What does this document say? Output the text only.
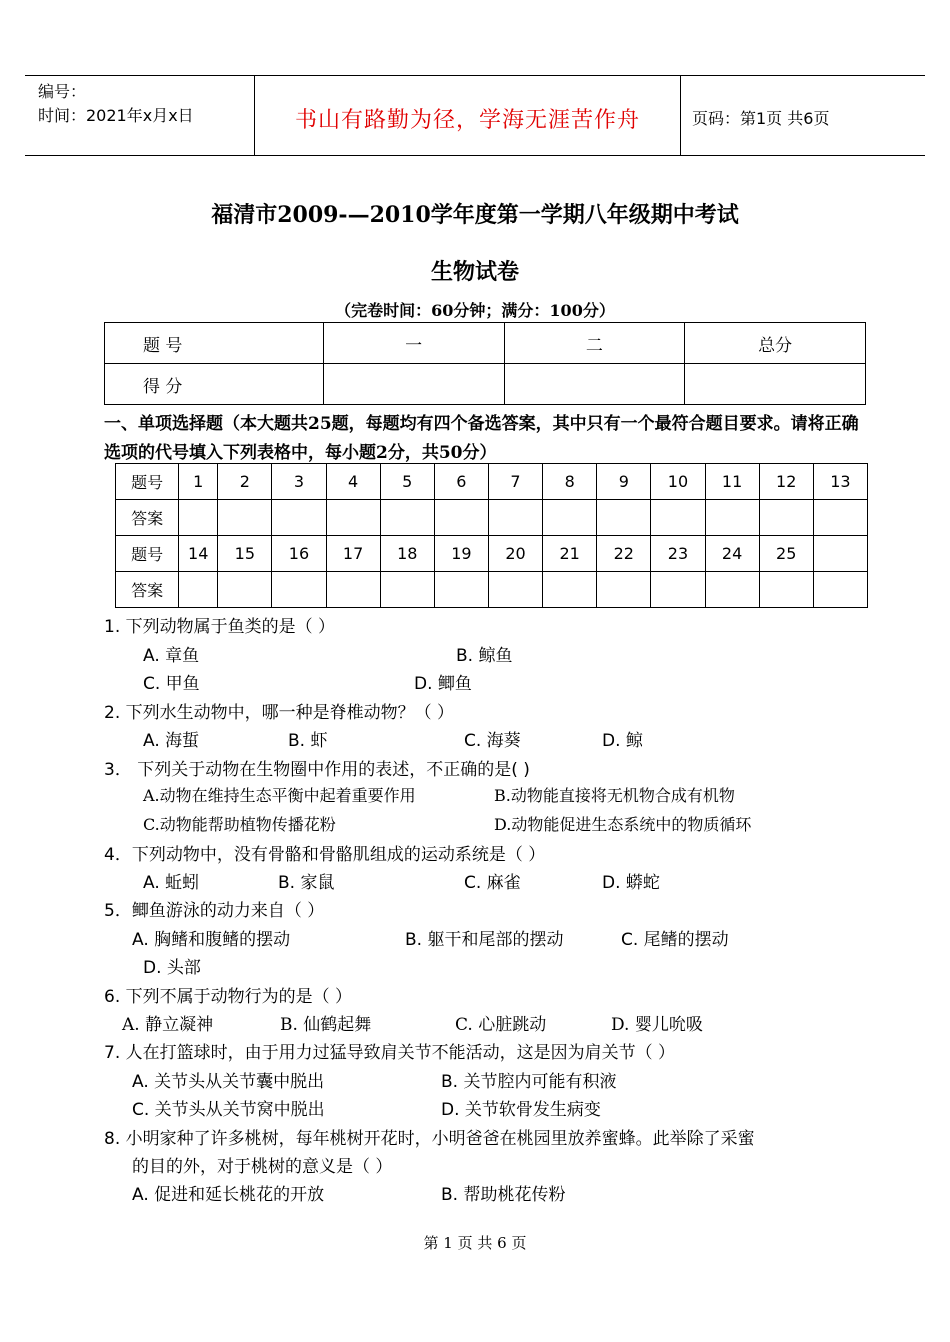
编号：
时间：2021年x月x日	书山有路勤为径，学海无涯苦作舟	页码：第1页 共6页
福清市2009-—2010学年度第一学期八年级期中考试
生物试卷
（完卷时间：60分钟；满分：100分）
题 号	一	二	总分
得 分			
一、单项选择题（本大题共25题，每题均有四个备选答案，其中只有一个最符合题目要求。请将正确选项的代号填入下列表格中，每小题2分，共50分）
题号	1	2	3	4	5	6	7	8	9	10	11	12	13
答案													
题号	14	15	16	17	18	19	20	21	22	23	24	25	
答案													
1. 下列动物属于鱼类的是（ ）
A. 章鱼	B. 鲸鱼
C. 甲鱼	D. 鲫鱼
2. 下列水生动物中，哪一种是脊椎动物？（ ）
A. 海蜇	B. 虾	C. 海葵	D. 鲸
3． 下列关于动物在生物圈中作用的表述，不正确的是( )
A.动物在维持生态平衡中起着重要作用	B.动物能直接将无机物合成有机物
C.动物能帮助植物传播花粉	D.动物能促进生态系统中的物质循环
4．下列动物中，没有骨骼和骨骼肌组成的运动系统是（ ）
A. 蚯蚓	B. 家鼠	C. 麻雀	D. 蟒蛇
5．鲫鱼游泳的动力来自（ ）
A. 胸鳍和腹鳍的摆动	B. 躯干和尾部的摆动	C. 尾鳍的摆动
D. 头部
6. 下列不属于动物行为的是（ ）
A. 静立凝神	B. 仙鹤起舞	C. 心脏跳动	D. 婴儿吮吸
7. 人在打篮球时，由于用力过猛导致肩关节不能活动，这是因为肩关节（ ）
A. 关节头从关节囊中脱出	B. 关节腔内可能有积液
C. 关节头从关节窝中脱出	D. 关节软骨发生病变
8. 小明家种了许多桃树，每年桃树开花时，小明爸爸在桃园里放养蜜蜂。此举除了采蜜
的目的外，对于桃树的意义是（ ）
A. 促进和延长桃花的开放	B. 帮助桃花传粉
第 1 页 共 6 页
